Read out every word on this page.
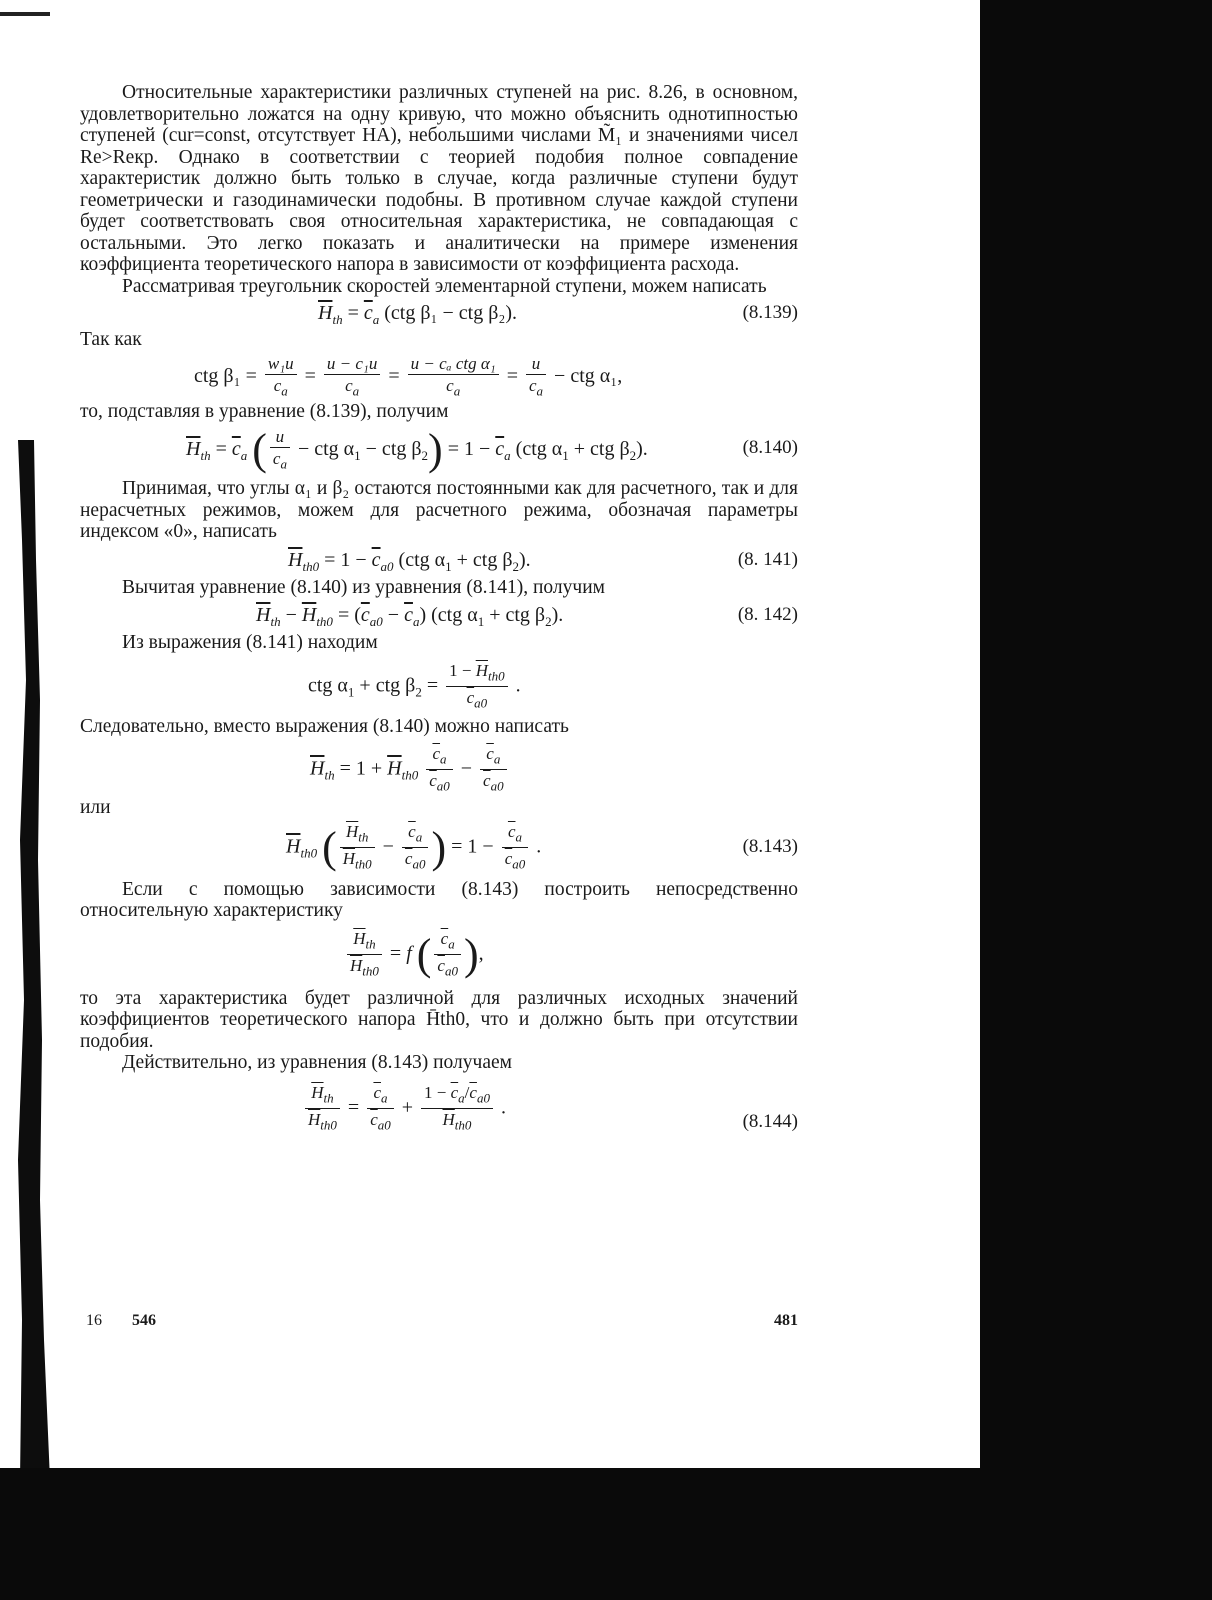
Относительные характеристики различных ступеней на рис. 8.26, в основном, удовлетворительно ложатся на одну кривую, что можно объяснить однотипностью ступеней (cur=const, отсутствует НА), небольшими числами M̃₁ и значениями чисел Re>Reкр. Однако в соответствии с теорией подобия полное совпадение характеристик должно быть только в случае, когда различные ступени будут геометрически и газодинамически подобны. В противном случае каждой ступени будет соответствовать своя относительная характеристика, не совпадающая с остальными. Это легко показать и аналитически на примере изменения коэффициента теоретического напора в зависимости от коэффициента расхода.

Рассматривая треугольник скоростей элементарной ступени, можем написать

$\overline{H}_{th} = \overline{c}_a$ (ctg β₁ − ctg β₂).	(8.139)

Так как

ctg $\beta_1 = \frac{\text{w₁u}}{c_a} = \frac{\text{u − c₁u}}{c_a} = \frac{\text{u − cₐ ctg α₁}}{c_a} = \frac{u}{c_a}$ − ctg α₁,

то, подставляя в уравнение (8.139), получим

$\overline{H}_{th} = \overline{c}_a$ ( $\frac{u}{c_a}$ − ctg $\alpha_1$ − ctg $\beta_2) = 1 - \overline{c}_a$ (ctg $\alpha_1$ + ctg $\beta_2$).	(8.140)

Принимая, что углы α₁ и β₂ остаются постоянными как для расчетного, так и для нерасчетных режимов, можем для расчетного режима, обозначая параметры индексом «0», написать

$\overline{H}_{th0} = 1 - \overline{c}_{a0}$ (ctg $\alpha_1$ + ctg $\beta_2$).	(8. 141)

Вычитая уравнение (8.140) из уравнения (8.141), получим

$\overline{H}_{th} - \overline{H}_{th0} = (\overline{c}_{a0} - \overline{c}_a)$ (ctg $\alpha_1$ + ctg $\beta_2$).	(8. 142)

Из выражения (8.141) находим

ctg $\alpha_1$ + ctg $\beta_2 = \frac{1 - \overline{H}_{th0}}{\overline{c}_{a0}}$ .

Следовательно, вместо выражения (8.140) можно написать

$\overline{H}_{th} = 1 + \overline{H}_{th0} \frac{\overline{c}_a}{\overline{c}_{a0}} - \frac{\overline{c}_a}{\overline{c}_{a0}}$

или

$\overline{H}_{th0}$ ( $\frac{\overline{H}_{th}}{\overline{H}_{th0}} - \frac{\overline{c}_a}{\overline{c}_{a0}}$ ) = $1 - \frac{\overline{c}_a}{\overline{c}_{a0}}$ .	(8.143)

Если с помощью зависимости (8.143) построить непосредственно относительную характеристику

$\frac{\overline{H}_{th}}{\overline{H}_{th0}} = f$ ( $\frac{\overline{c}_a}{\overline{c}_{a0}}$ ),

то эта характеристика будет различной для различных исходных значений коэффициентов теоретического напора H̄th0, что и должно быть при отсутствии подобия.

Действительно, из уравнения (8.143) получаем

$\frac{\overline{H}_{th}}{\overline{H}_{th0}} = \frac{\overline{c}_a}{\overline{c}_{a0}} + \frac{1 - \overline{c}_a/\overline{c}_{a0}}{\overline{H}_{th0}}$ .
(8.144)
16 546	481
